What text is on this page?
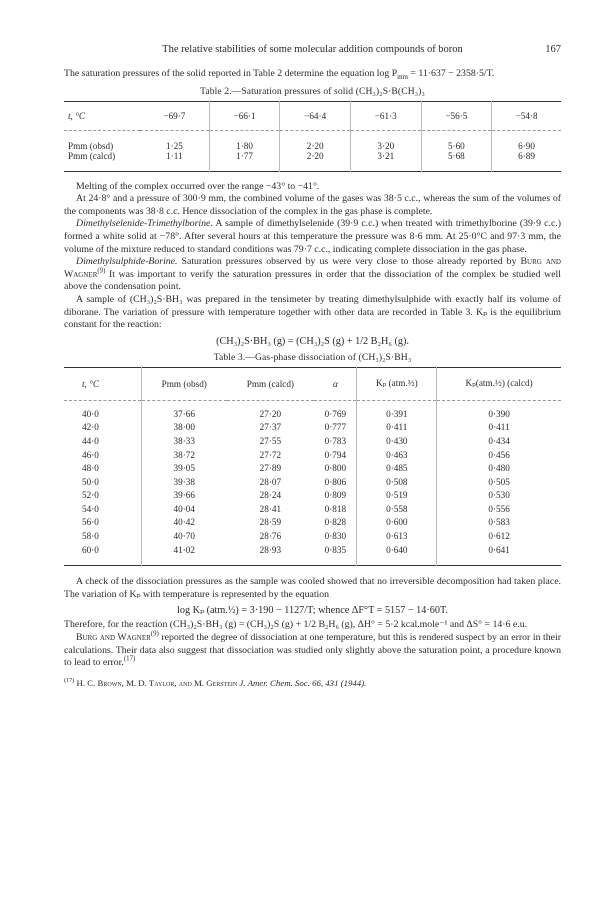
The relative stabilities of some molecular addition compounds of boron	167

The saturation pressures of the solid reported in Table 2 determine the equation $\log P_{mm} = 11\cdot 637 - 2358\cdot 5/T$.

Table 2.—Saturation pressures of solid (CH₃)₂S·B(CH₃)₃
t, °C	−69·7	−66·1	−64·4	−61·3	−56·5	−54·8

Pmm (obsd)	1·25	1·80	2·20	3·20	5·60	6·90
Pmm (calcd)	1·11	1·77	2·20	3·21	5·68	6·89

Melting of the complex occurred over the range −43° to −41°.

At 24·8° and a pressure of 300·9 mm, the combined volume of the gases was 38·5 c.c., whereas the sum of the volumes of the components was 38·8 c.c. Hence dissociation of the complex in the gas phase is complete.

Dimethylselenide-Trimethylborine. A sample of dimethylselenide (39·9 c.c.) when treated with trimethylborine (39·9 c.c.) formed a white solid at −78°. After several hours at this temperature the pressure was 8·6 mm. At 25·0°C and 97·3 mm, the volume of the mixture reduced to standard conditions was 79·7 c.c., indicating complete dissociation in the gas phase.

Dimethylsulphide-Borine. Saturation pressures observed by us were very close to those already reported by Burg and Wagner$^{(9)}$ It was important to verify the saturation pressures in order that the dissociation of the complex be studied well above the condensation point.

A sample of (CH₃)₂S·BH₃ was prepared in the tensimeter by treating dimethylsulphide with exactly half its volume of diborane. The variation of pressure with temperature together with other data are recorded in Table 3. Kₚ is the equilibrium constant for the reaction:

(CH₃)₂S·BH₃ (g) = (CH₃)₂S (g) + 1/2 B₂H₆ (g).
Table 3.—Gas-phase dissociation of (CH₃)₂S·BH₃
t, °C	Pmm (obsd)	Pmm (calcd)	α	Kₚ (atm.½)	Kₚ(atm.½) (calcd)
40·0	37·66	27·20	0·769	0·391	0·390
42·0	38·00	27·37	0·777	0·411	0·411
44·0	38·33	27·55	0·783	0·430	0·434
46·0	38·72	27·72	0·794	0·463	0·456
48·0	39·05	27·89	0·800	0·485	0·480
50·0	39·38	28·07	0·806	0·508	0·505
52·0	39·66	28·24	0·809	0·519	0·530
54·0	40·04	28·41	0·818	0·558	0·556
56·0	40·42	28·59	0·828	0·600	0·583
58·0	40·70	28·76	0·830	0·613	0·612
60·0	41·02	28·93	0·835	0·640	0·641

A check of the dissociation pressures as the sample was cooled showed that no irreversible decomposition had taken place. The variation of Kₚ with temperature is represented by the equation

log Kₚ (atm.½) = 3·190 − 1127/T; whence ΔF°T = 5157 − 14·60T.

Therefore, for the reaction (CH₃)₂S·BH₃ (g) = (CH₃)₂S (g) + 1/2 B₂H₆ (g), ΔH° = 5·2 kcal.mole⁻¹ and ΔS° = 14·6 e.u.

Burg and Wagner$^{(9)}$ reported the degree of dissociation at one temperature, but this is rendered suspect by an error in their calculations. Their data also suggest that dissociation was studied only slightly above the saturation point, a procedure known to lead to error.$^{(17)}$

$^{(17)}$ H. C. Brown, M. D. Taylor, and M. Gerstein J. Amer. Chem. Soc. 66, 431 (1944).
